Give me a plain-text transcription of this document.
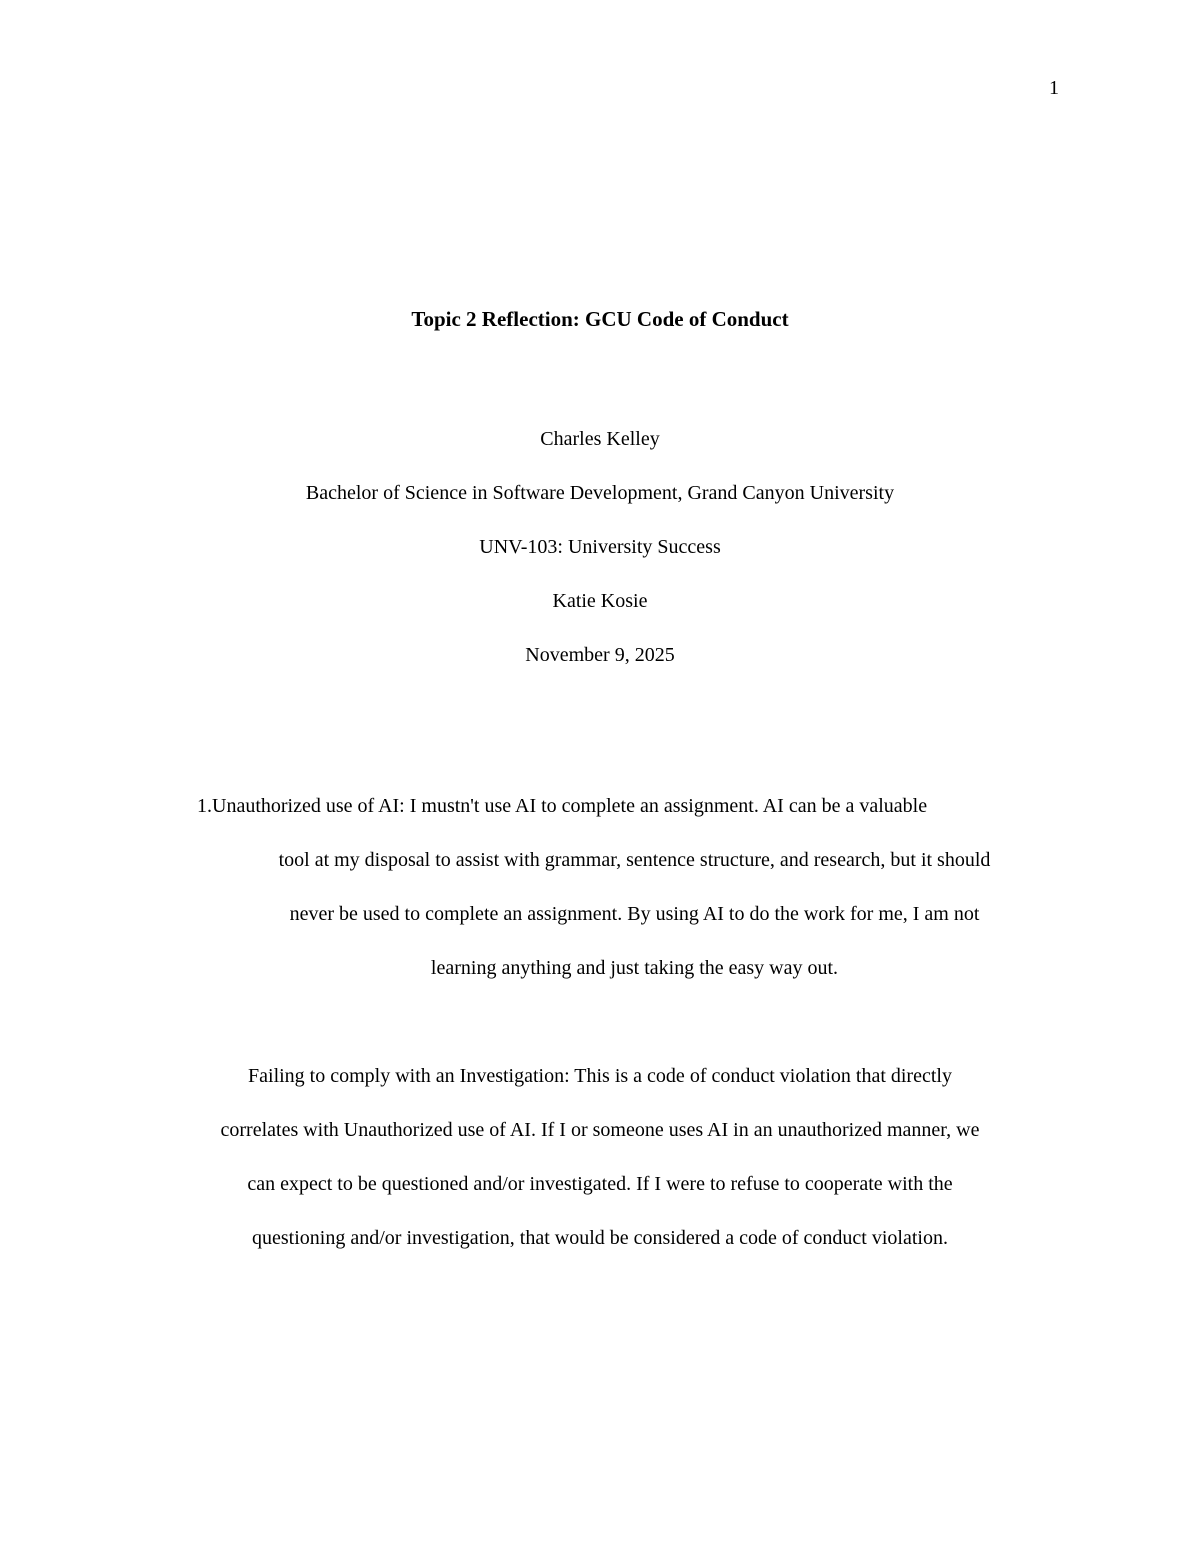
1
Topic 2 Reflection: GCU Code of Conduct
Charles Kelley
Bachelor of Science in Software Development, Grand Canyon University
UNV-103: University Success
Katie Kosie
November 9, 2025
1. Unauthorized use of AI: I mustn't use AI to complete an assignment. AI can be a valuable
tool at my disposal to assist with grammar, sentence structure, and research, but it should
never be used to complete an assignment. By using AI to do the work for me, I am not
learning anything and just taking the easy way out.
Failing to comply with an Investigation: This is a code of conduct violation that directly
correlates with Unauthorized use of AI. If I or someone uses AI in an unauthorized manner, we
can expect to be questioned and/or investigated. If I were to refuse to cooperate with the
questioning and/or investigation, that would be considered a code of conduct violation.
